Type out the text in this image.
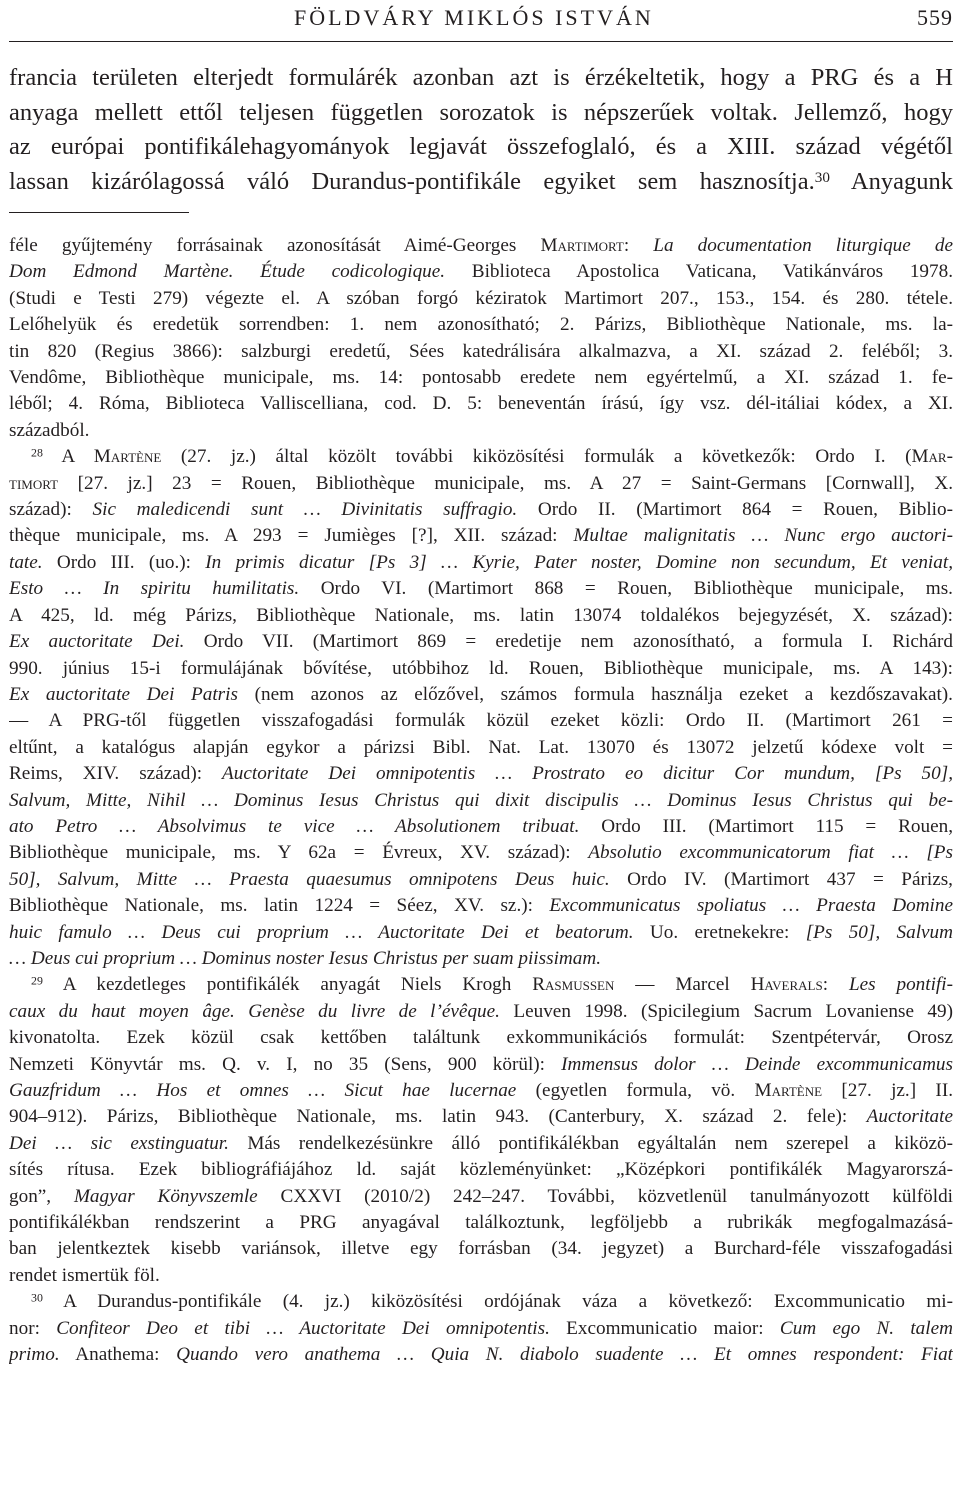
FÖLDVÁRY MIKLÓS ISTVÁN	559
francia területen elterjedt formulárék azonban azt is érzékeltetik, hogy a PRG és a H
anyaga mellett ettől teljesen független sorozatok is népszerűek voltak. Jellemző, hogy
az európai pontifikálehagyományok legjavát összefoglaló, és a XIII. század végétől
lassan kizárólagossá váló Durandus-pontifikále egyiket sem hasznosítja.$^{30}$ Anyagunk
féle gyűjtemény forrásainak azonosítását Aimé-Georges Martimort: La documentation liturgique de
Dom Edmond Martène. Étude codicologique. Biblioteca Apostolica Vaticana, Vatikánváros 1978.
(Studi e Testi 279) végezte el. A szóban forgó kéziratok Martimort 207., 153., 154. és 280. tétele.
Lelőhelyük és eredetük sorrendben: 1. nem azonosítható; 2. Párizs, Bibliothèque Nationale, ms. la-
tin 820 (Regius 3866): salzburgi eredetű, Sées katedrálisára alkalmazva, a XI. század 2. feléből; 3.
Vendôme, Bibliothèque municipale, ms. 14: pontosabb eredete nem egyértelmű, a XI. század 1. fe-
léből; 4. Róma, Biblioteca Valliscelliana, cod. D. 5: beneventán írású, így vsz. dél-itáliai kódex, a XI.
századból.
$^{28}$ A Martène (27. jz.) által közölt további kiközösítési formulák a következők: Ordo I. (Mar-
timort [27. jz.] 23 = Rouen, Bibliothèque municipale, ms. A 27 = Saint-Germans [Cornwall], X.
század): Sic maledicendi sunt … Divinitatis suffragio. Ordo II. (Martimort 864 = Rouen, Biblio-
thèque municipale, ms. A 293 = Jumièges [?], XII. század: Multae malignitatis … Nunc ergo auctori-
tate. Ordo III. (uo.): In primis dicatur [Ps 3] … Kyrie, Pater noster, Domine non secundum, Et veniat,
Esto … In spiritu humilitatis. Ordo VI. (Martimort 868 = Rouen, Bibliothèque municipale, ms.
A 425, ld. még Párizs, Bibliothèque Nationale, ms. latin 13074 toldalékos bejegyzését, X. század):
Ex auctoritate Dei. Ordo VII. (Martimort 869 = eredetije nem azonosítható, a formula I. Richárd
990. június 15-i formulájának bővítése, utóbbihoz ld. Rouen, Bibliothèque municipale, ms. A 143):
Ex auctoritate Dei Patris (nem azonos az előzővel, számos formula használja ezeket a kezdőszavakat).
— A PRG-től független visszafogadási formulák közül ezeket közli: Ordo II. (Martimort 261 =
eltűnt, a katalógus alapján egykor a párizsi Bibl. Nat. Lat. 13070 és 13072 jelzetű kódexe volt =
Reims, XIV. század): Auctoritate Dei omnipotentis … Prostrato eo dicitur Cor mundum, [Ps 50],
Salvum, Mitte, Nihil … Dominus Iesus Christus qui dixit discipulis … Dominus Iesus Christus qui be-
ato Petro … Absolvimus te vice … Absolutionem tribuat. Ordo III. (Martimort 115 = Rouen,
Bibliothèque municipale, ms. Y 62a = Évreux, XV. század): Absolutio excommunicatorum fiat … [Ps
50], Salvum, Mitte … Praesta quaesumus omnipotens Deus huic. Ordo IV. (Martimort 437 = Párizs,
Bibliothèque Nationale, ms. latin 1224 = Séez, XV. sz.): Excommunicatus spoliatus … Praesta Domine
huic famulo … Deus cui proprium … Auctoritate Dei et beatorum. Uo. eretnekekre: [Ps 50], Salvum
… Deus cui proprium … Dominus noster Iesus Christus per suam piissimam.
$^{29}$ A kezdetleges pontifikálék anyagát Niels Krogh Rasmussen — Marcel Haverals: Les pontifi-
caux du haut moyen âge. Genèse du livre de l’évêque. Leuven 1998. (Spicilegium Sacrum Lovaniense 49)
kivonatolta. Ezek közül csak kettőben találtunk exkommunikációs formulát: Szentpétervár, Orosz
Nemzeti Könyvtár ms. Q. v. I, no 35 (Sens, 900 körül): Immensus dolor … Deinde excommunicamus
Gauzfridum … Hos et omnes … Sicut hae lucernae (egyetlen formula, vö. Martène [27. jz.] II.
904–912). Párizs, Bibliothèque Nationale, ms. latin 943. (Canterbury, X. század 2. fele): Auctoritate
Dei … sic exstinguatur. Más rendelkezésünkre álló pontifikálékban egyáltalán nem szerepel a kiközö-
sítés rítusa. Ezek bibliográfiájához ld. saját közleményünket: „Középkori pontifikálék Magyarorszá-
gon”, Magyar Könyvszemle CXXVI (2010/2) 242–247. További, közvetlenül tanulmányozott külföldi
pontifikálékban rendszerint a PRG anyagával találkoztunk, legföljebb a rubrikák megfogalmazásá-
ban jelentkeztek kisebb variánsok, illetve egy forrásban (34. jegyzet) a Burchard-féle visszafogadási
rendet ismertük föl.
$^{30}$ A Durandus-pontifikále (4. jz.) kiközösítési ordójának váza a következő: Excommunicatio mi-
nor: Confiteor Deo et tibi … Auctoritate Dei omnipotentis. Excommunicatio maior: Cum ego N. talem
primo. Anathema: Quando vero anathema … Quia N. diabolo suadente … Et omnes respondent: Fiat
